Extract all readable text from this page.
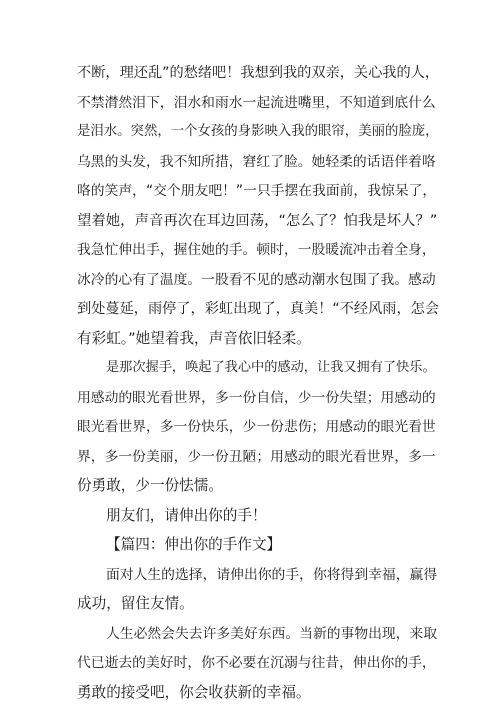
不断，理还乱”的愁绪吧！我想到我的双亲，关心我的人，
不禁潸然泪下，泪水和雨水一起流进嘴里，不知道到底什么
是泪水。突然，一个女孩的身影映入我的眼帘，美丽的脸庞，
乌黑的头发，我不知所措，窘红了脸。她轻柔的话语伴着咯
咯的笑声，“交个朋友吧！”一只手摆在我面前，我惊呆了，
望着她，声音再次在耳边回荡，“怎么了？怕我是坏人？”
我急忙伸出手，握住她的手。顿时，一股暖流冲击着全身，
冰冷的心有了温度。一股看不见的感动潮水包围了我。感动
到处蔓延，雨停了，彩虹出现了，真美！“不经风雨，怎会
有彩虹。”她望着我，声音依旧轻柔。
是那次握手，唤起了我心中的感动，让我又拥有了快乐。
用感动的眼光看世界，多一份自信，少一份失望；用感动的
眼光看世界，多一份快乐，少一份悲伤；用感动的眼光看世
界，多一份美丽，少一份丑陋；用感动的眼光看世界，多一
份勇敢，少一份怯懦。
朋友们，请伸出你的手！
【篇四：伸出你的手作文】
面对人生的选择，请伸出你的手，你将得到幸福，赢得
成功，留住友情。
人生必然会失去许多美好东西。当新的事物出现，来取
代已逝去的美好时，你不必要在沉溺与往昔，伸出你的手，
勇敢的接受吧，你会收获新的幸福。
